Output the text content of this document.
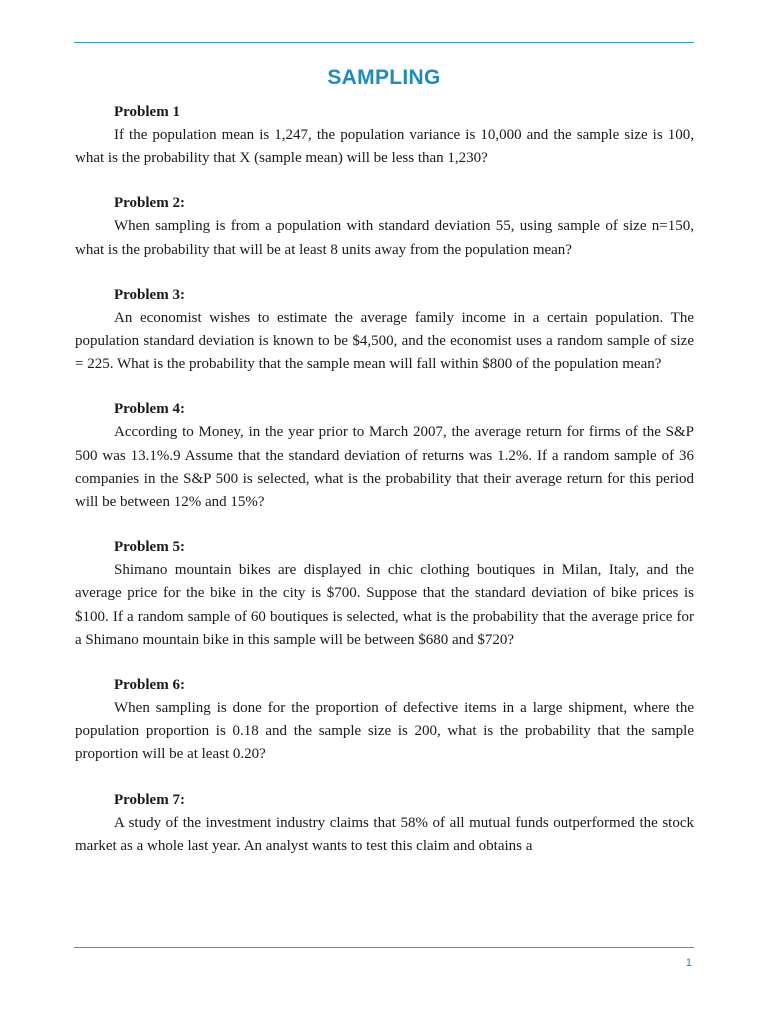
SAMPLING
Problem 1

If the population mean is 1,247, the population variance is 10,000 and the sample size is 100, what is the probability that X (sample mean) will be less than 1,230?

Problem 2:

When sampling is from a population with standard deviation 55, using sample of size n=150, what is the probability that will be at least 8 units away from the population mean?

Problem 3:

An economist wishes to estimate the average family income in a certain population. The population standard deviation is known to be $4,500, and the economist uses a random sample of size = 225. What is the probability that the sample mean will fall within $800 of the population mean?

Problem 4:

According to Money, in the year prior to March 2007, the average return for firms of the S&P 500 was 13.1%.9 Assume that the standard deviation of returns was 1.2%. If a random sample of 36 companies in the S&P 500 is selected, what is the probability that their average return for this period will be between 12% and 15%?

Problem 5:

Shimano mountain bikes are displayed in chic clothing boutiques in Milan, Italy, and the average price for the bike in the city is $700. Suppose that the standard deviation of bike prices is $100. If a random sample of 60 boutiques is selected, what is the probability that the average price for a Shimano mountain bike in this sample will be between $680 and $720?

Problem 6:

When sampling is done for the proportion of defective items in a large shipment, where the population proportion is 0.18 and the sample size is 200, what is the probability that the sample proportion will be at least 0.20?

Problem 7:

A study of the investment industry claims that 58% of all mutual funds outperformed the stock market as a whole last year. An analyst wants to test this claim and obtains a

1
